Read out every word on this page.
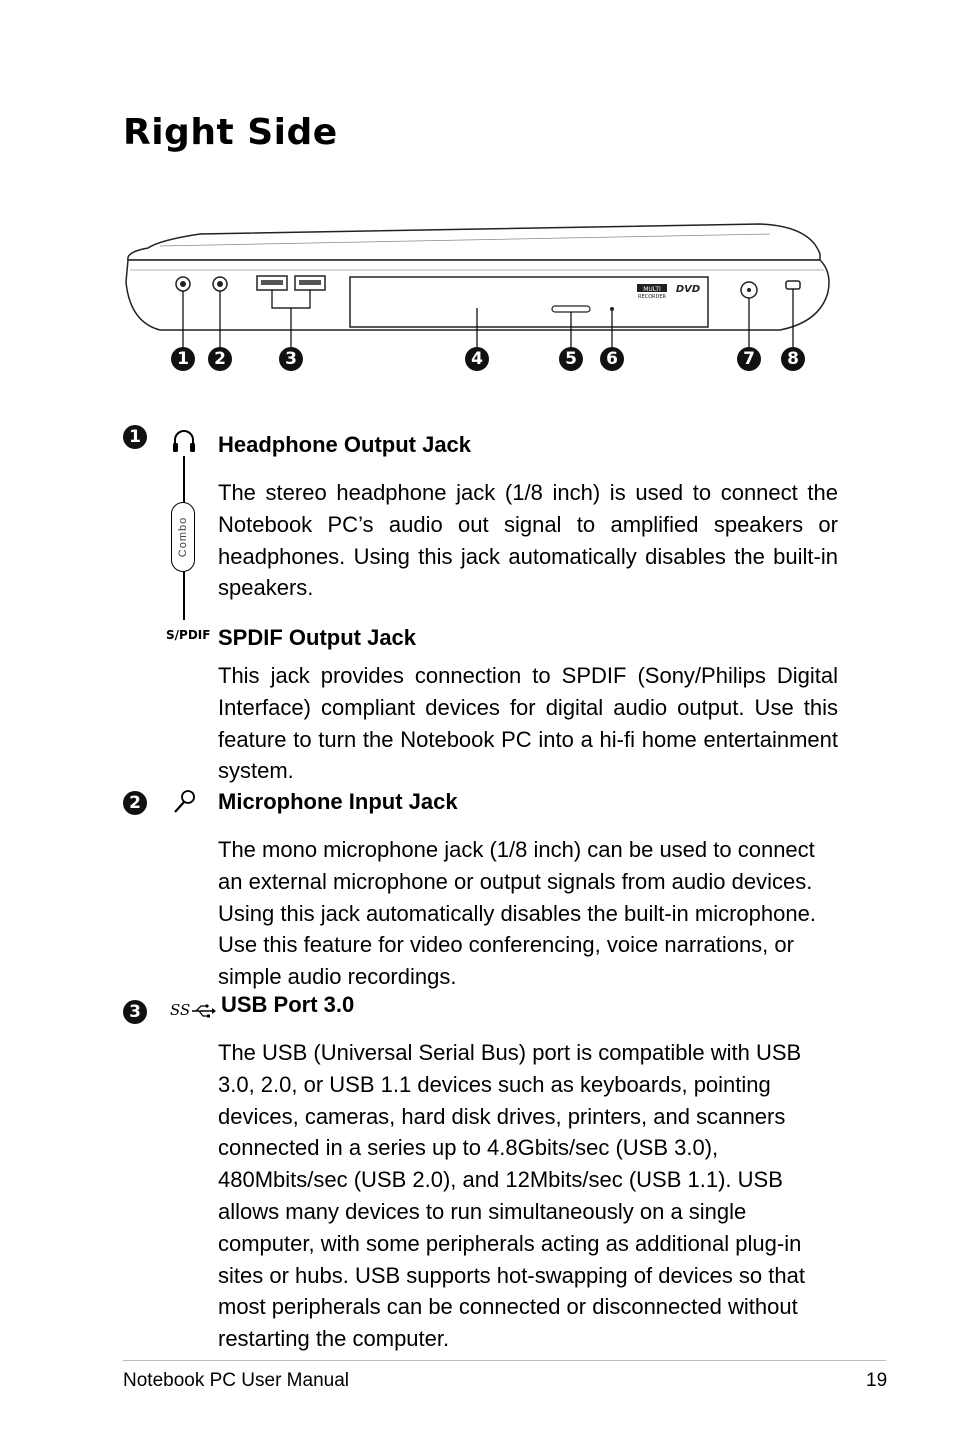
Right Side
MULTI
RECORDER
DVD
1	2	3	4	5	6	7	8
1
Combo
Headphone Output Jack

The stereo headphone jack (1/8 inch) is used to connect the Notebook PC’s audio out signal to amplified speakers or headphones. Using this jack automatically disables the built-in speakers.

S/PDIF SPDIF Output Jack

This jack provides connection to SPDIF (Sony/Philips Digital Interface) compliant devices for digital audio output. Use this feature to turn the Notebook PC into a hi-fi home entertainment system.

2	Microphone Input Jack

The mono microphone jack (1/8 inch) can be used to connect an external microphone or output signals from audio devices. Using this jack automatically disables the built-in microphone. Use this feature for video conferencing, voice narrations, or simple audio recordings.

3	SS USB Port 3.0

The USB (Universal Serial Bus) port is compatible with USB 3.0, 2.0, or USB 1.1 devices such as keyboards, pointing devices, cameras, hard disk drives, printers, and scanners connected in a series up to 4.8Gbits/sec (USB 3.0), 480Mbits/sec (USB 2.0), and 12Mbits/sec (USB 1.1). USB allows many devices to run simultaneously on a single computer, with some peripherals acting as additional plug-in sites or hubs. USB supports hot-swapping of devices so that most peripherals can be connected or disconnected without restarting the computer.

Notebook PC User Manual	19
